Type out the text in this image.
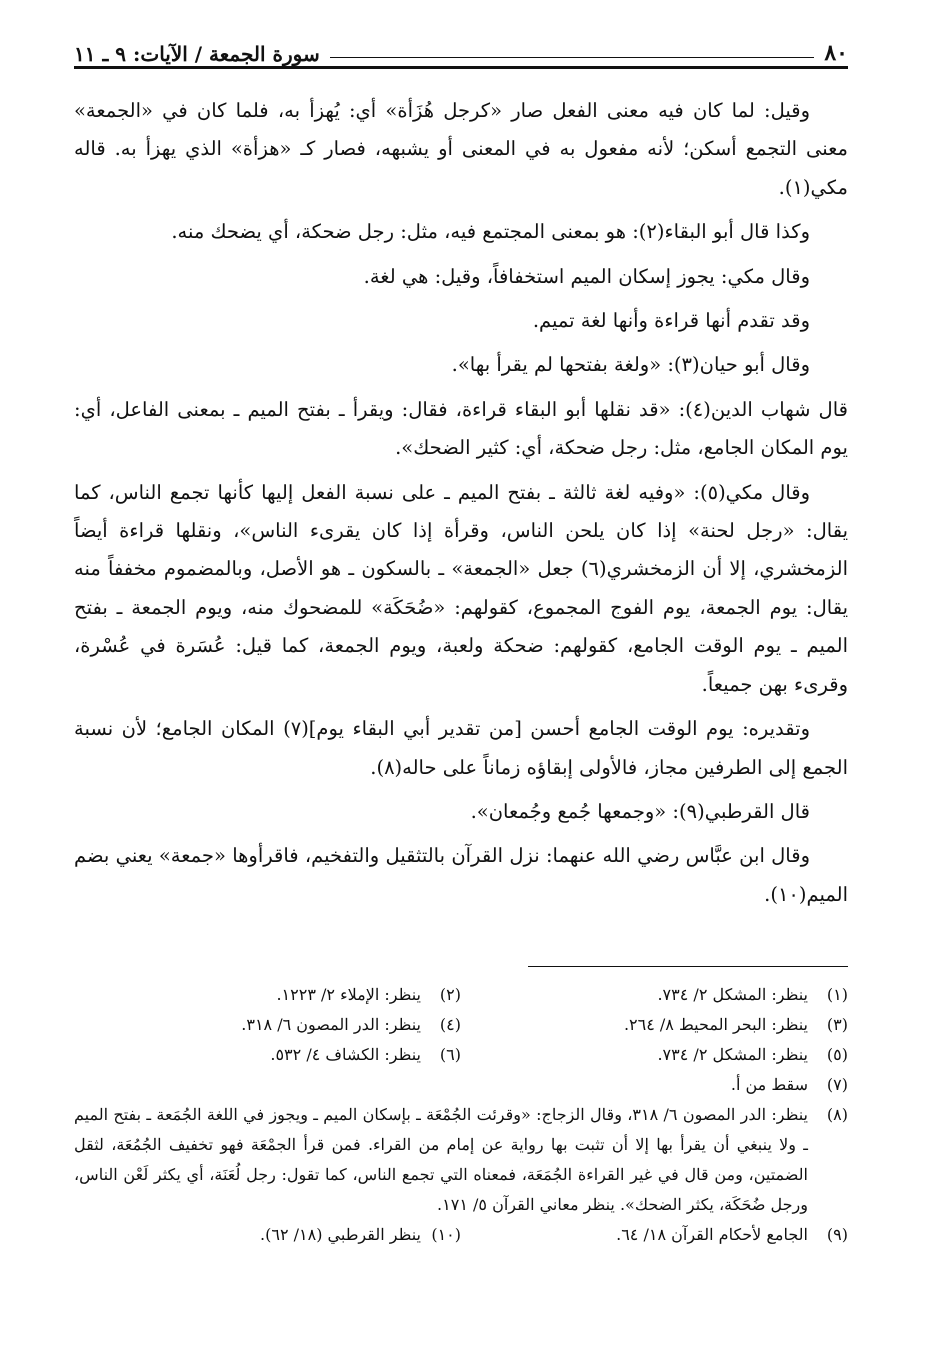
٨٠
سورة الجمعة / الآيات: ٩ ـ ١١

وقيل: لما كان فيه معنى الفعل صار «كرجل هُزَأة» أي: يُهزأ به، فلما كان في «الجمعة» معنى التجمع أسكن؛ لأنه مفعول به في المعنى أو يشبهه، فصار كـ «هزأة» الذي يهزأ به. قاله مكي(١).

وكذا قال أبو البقاء(٢): هو بمعنى المجتمع فيه، مثل: رجل ضحكة، أي يضحك منه.

وقال مكي: يجوز إسكان الميم استخفافاً، وقيل: هي لغة.

وقد تقدم أنها قراءة وأنها لغة تميم.

وقال أبو حيان(٣): «ولغة بفتحها لم يقرأ بها».

قال شهاب الدين(٤): «قد نقلها أبو البقاء قراءة، فقال: ويقرأ ـ بفتح الميم ـ بمعنى الفاعل، أي: يوم المكان الجامع، مثل: رجل ضحكة، أي: كثير الضحك».

وقال مكي(٥): «وفيه لغة ثالثة ـ بفتح الميم ـ على نسبة الفعل إليها كأنها تجمع الناس، كما يقال: «رجل لحنة» إذا كان يلحن الناس، وقرأة إذا كان يقرىء الناس»، ونقلها قراءة أيضاً الزمخشري، إلا أن الزمخشري(٦) جعل «الجمعة» ـ بالسكون ـ هو الأصل، وبالمضموم مخففاً منه يقال: يوم الجمعة، يوم الفوج المجموع، كقولهم: «ضُحَكَة» للمضحوك منه، ويوم الجمعة ـ بفتح الميم ـ يوم الوقت الجامع، كقولهم: ضحكة ولعبة، ويوم الجمعة، كما قيل: عُسَرة في عُسْرة، وقرىء بهن جميعاً.

وتقديره: يوم الوقت الجامع أحسن [من تقدير أبي البقاء يوم](٧) المكان الجامع؛ لأن نسبة الجمع إلى الطرفين مجاز، فالأولى إبقاؤه زماناً على حاله(٨).

قال القرطبي(٩): «وجمعها جُمع وجُمعان».

وقال ابن عبَّاس رضي الله عنهما: نزل القرآن بالتثقيل والتفخيم، فاقرأوها «جمعة» يعني بضم الميم(١٠).

(١)
ينظر: المشكل ٢/ ٧٣٤.
(٢)
ينظر: الإملاء ٢/ ١٢٢٣.
(٣)
ينظر: البحر المحيط ٨/ ٢٦٤.
(٤)
ينظر: الدر المصون ٦/ ٣١٨.
(٥)
ينظر: المشكل ٢/ ٧٣٤.
(٦)
ينظر: الكشاف ٤/ ٥٣٢.
(٧)
سقط من أ.
(٨)
ينظر: الدر المصون ٦/ ٣١٨، وقال الزجاج: «وقرئت الجُمْعَة ـ بإسكان الميم ـ ويجوز في اللغة الجُمَعة ـ بفتح الميم ـ ولا ينبغي أن يقرأ بها إلا أن تثبت بها رواية عن إمام من القراء. فمن قرأ الجمْعَة فهو تخفيف الجُمُعَة، لثقل الضمتين، ومن قال في غير القراءة الجُمَعَة، فمعناه التي تجمع الناس، كما تقول: رجل لُعَنَة، أي يكثر لَعْن الناس، ورجل ضُحَكَة، يكثر الضحك». ينظر معاني القرآن ٥/ ١٧١.
(٩)
الجامع لأحكام القرآن ١٨/ ٦٤.
(١٠)
ينظر القرطبي (١٨/ ٦٢).
